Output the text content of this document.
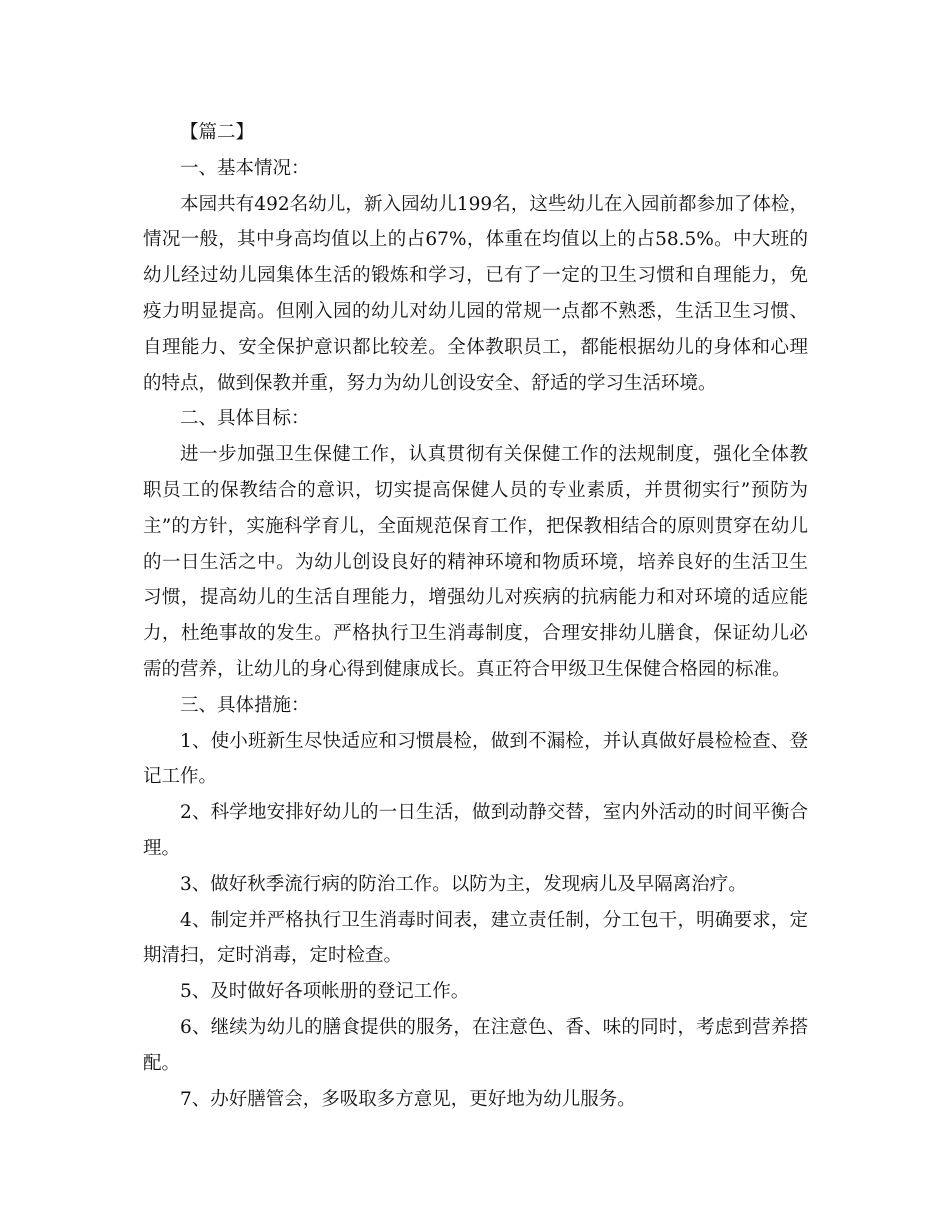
【篇二】

一、基本情况：

本园共有492名幼儿，新入园幼儿199名，这些幼儿在入园前都参加了体检，情况一般，其中身高均值以上的占67%，体重在均值以上的占58.5%。中大班的幼儿经过幼儿园集体生活的锻炼和学习，已有了一定的卫生习惯和自理能力，免疫力明显提高。但刚入园的幼儿对幼儿园的常规一点都不熟悉，生活卫生习惯、自理能力、安全保护意识都比较差。全体教职员工，都能根据幼儿的身体和心理的特点，做到保教并重，努力为幼儿创设安全、舒适的学习生活环境。

二、具体目标：

进一步加强卫生保健工作，认真贯彻有关保健工作的法规制度，强化全体教职员工的保教结合的意识，切实提高保健人员的专业素质，并贯彻实行”预防为主”的方针，实施科学育儿，全面规范保育工作，把保教相结合的原则贯穿在幼儿的一日生活之中。为幼儿创设良好的精神环境和物质环境，培养良好的生活卫生习惯，提高幼儿的生活自理能力，增强幼儿对疾病的抗病能力和对环境的适应能力，杜绝事故的发生。严格执行卫生消毒制度，合理安排幼儿膳食，保证幼儿必需的营养，让幼儿的身心得到健康成长。真正符合甲级卫生保健合格园的标准。

三、具体措施：

1、使小班新生尽快适应和习惯晨检，做到不漏检，并认真做好晨检检查、登记工作。

2、科学地安排好幼儿的一日生活，做到动静交替，室内外活动的时间平衡合理。

3、做好秋季流行病的防治工作。以防为主，发现病儿及早隔离治疗。

4、制定并严格执行卫生消毒时间表，建立责任制，分工包干，明确要求，定期清扫，定时消毒，定时检查。

5、及时做好各项帐册的登记工作。

6、继续为幼儿的膳食提供的服务，在注意色、香、味的同时，考虑到营养搭配。

7、办好膳管会，多吸取多方意见，更好地为幼儿服务。
